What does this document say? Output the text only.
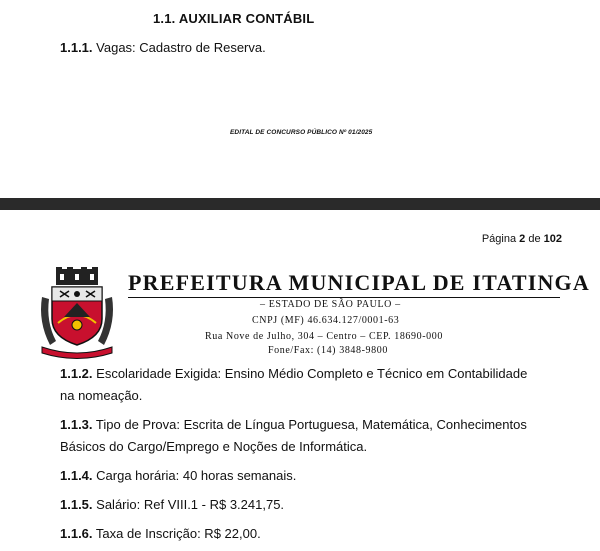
1.1. AUXILIAR CONTÁBIL
1.1.1. Vagas: Cadastro de Reserva.
EDITAL DE CONCURSO PÚBLICO Nº 01/2025
Página 2 de 102
PREFEITURA MUNICIPAL DE ITATINGA
– ESTADO DE SÃO PAULO –
CNPJ (MF) 46.634.127/0001-63
Rua Nove de Julho, 304 – Centro – CEP. 18690-000
Fone/Fax: (14) 3848-9800
1.1.2. Escolaridade Exigida: Ensino Médio Completo e Técnico em Contabilidade
na nomeação.
1.1.3. Tipo de Prova: Escrita de Língua Portuguesa, Matemática, Conhecimentos
Básicos do Cargo/Emprego e Noções de Informática.
1.1.4. Carga horária: 40 horas semanais.
1.1.5. Salário: Ref VIII.1 - R$ 3.241,75.
1.1.6. Taxa de Inscrição: R$ 22,00.
